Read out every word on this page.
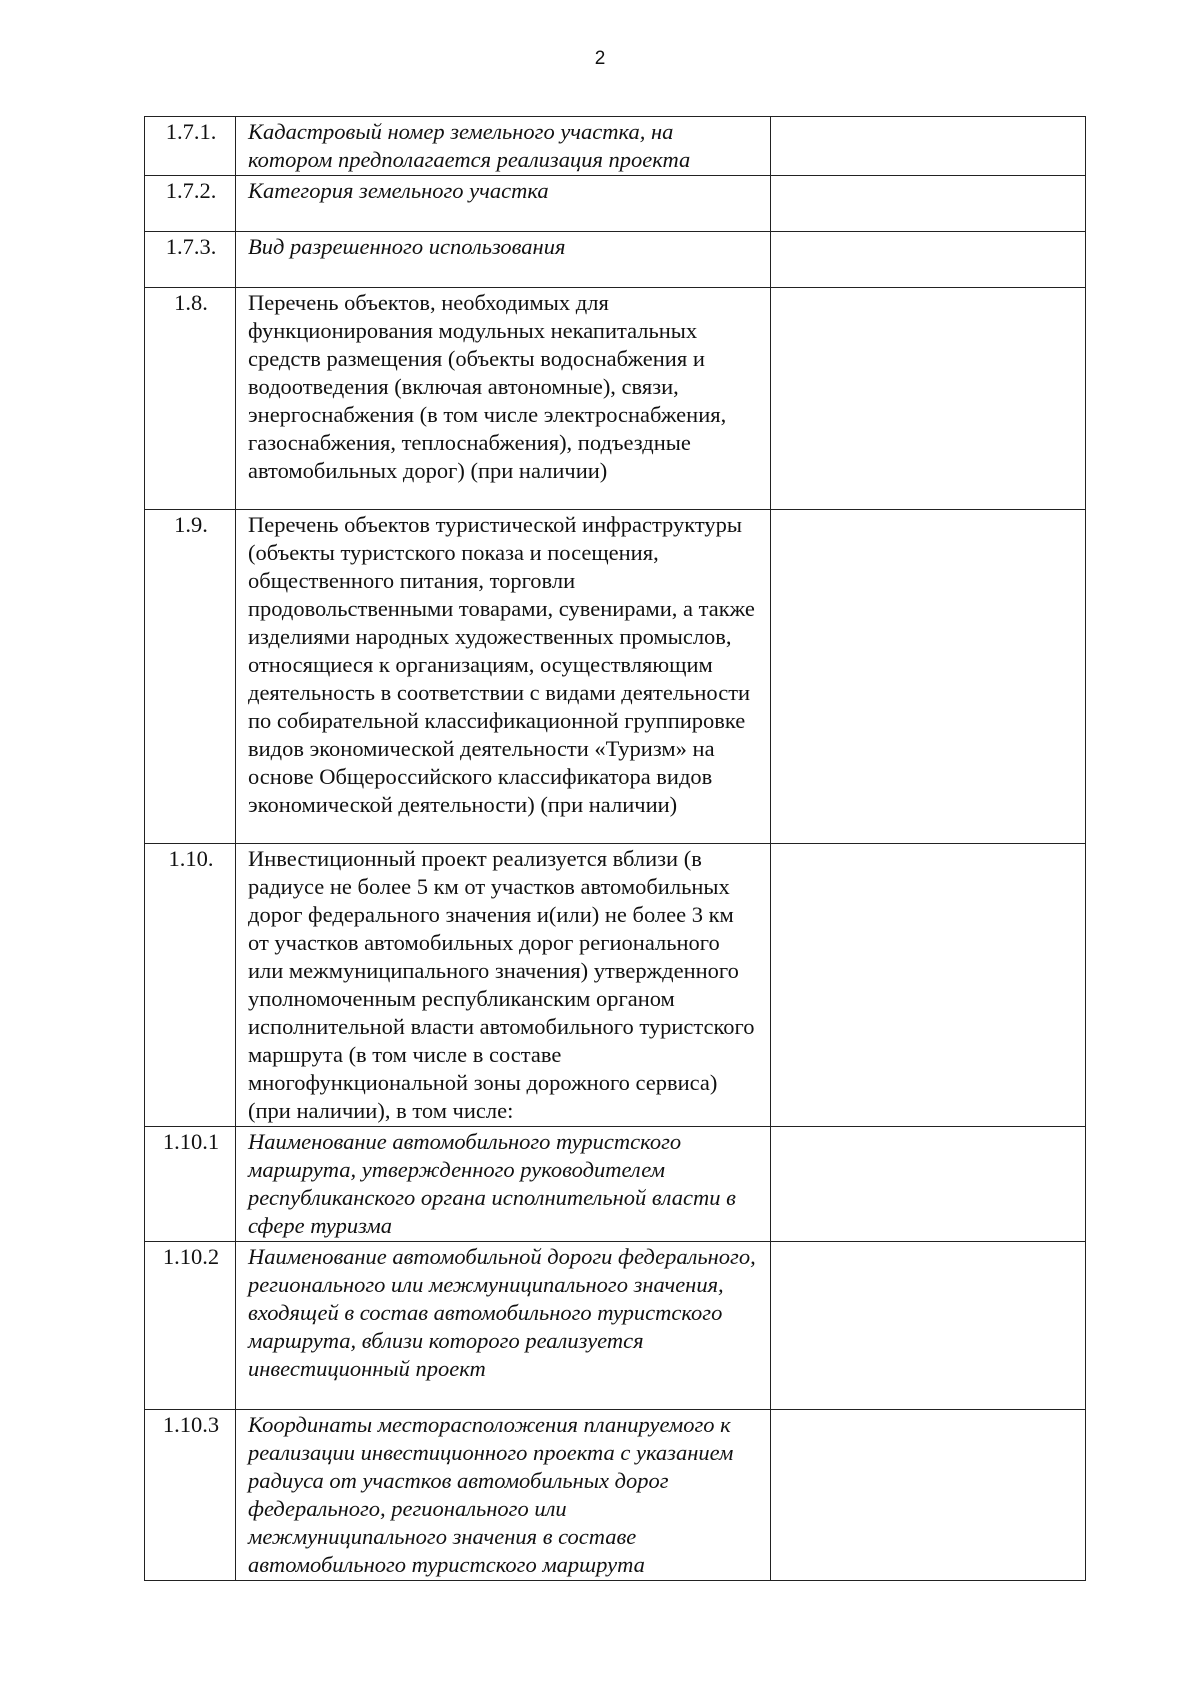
2
1.7.1.	Кадастровый номер земельного участка, на котором предполагается реализация проекта	
1.7.2.	Категория земельного участка	
1.7.3.	Вид разрешенного использования	
1.8.	Перечень объектов, необходимых для функционирования модульных некапитальных средств размещения (объекты водоснабжения и водоотведения (включая автономные), связи, энергоснабжения (в том числе электроснабжения, газоснабжения, теплоснабжения), подъездные автомобильных дорог) (при наличии)	
1.9.	Перечень объектов туристической инфраструктуры (объекты туристского показа и посещения, общественного питания, торговли продовольственными товарами, сувенирами, а также изделиями народных художественных промыслов, относящиеся к организациям, осуществляющим деятельность в соответствии с видами деятельности по собирательной классификационной группировке видов экономической деятельности «Туризм» на основе Общероссийского классификатора видов экономической деятельности) (при наличии)	
1.10.	Инвестиционный проект реализуется вблизи (в радиусе не более 5 км от участков автомобильных дорог федерального значения и(или) не более 3 км от участков автомобильных дорог регионального или межмуниципального значения) утвержденного уполномоченным республиканским органом исполнительной власти автомобильного туристского маршрута (в том числе в составе многофункциональной зоны дорожного сервиса) (при наличии), в том числе:	
1.10.1	Наименование автомобильного туристского маршрута, утвержденного руководителем республиканского органа исполнительной власти в сфере туризма	
1.10.2	Наименование автомобильной дороги федерального, регионального или межмуниципального значения, входящей в состав автомобильного туристского маршрута, вблизи которого реализуется инвестиционный проект	
1.10.3	Координаты месторасположения планируемого к реализации инвестиционного проекта с указанием радиуса от участков автомобильных дорог федерального, регионального или межмуниципального значения в составе автомобильного туристского маршрута	
